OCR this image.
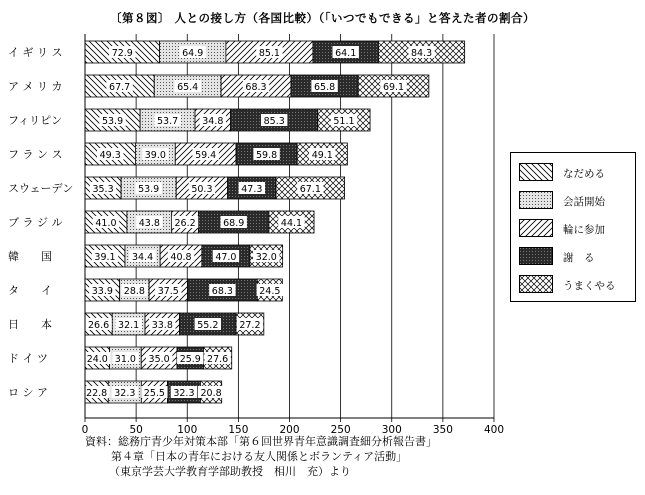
〔第８図〕 人との接し方（各国比較）（「いつでもできる」と答えた者の割合）
イ ギ リ ス	72.9	64.9	85.1	64.1	84.3
ア メ リ カ	67.7	65.4	68.3	65.8	69.1
フィリピン	53.9	53.7	34.8	85.3	51.1
フ ラ ン ス	49.3	39.0	59.4	59.8	49.1
スウェーデン 35.3	53.9	50.3	47.3	67.1
ブ ラ ジ ル	41.0 43.8 26.2	68.9	44.1
韓　　国	39.1 34.4 40.8 47.0 32.0
タ　　イ	33.9 28.8 37.5	68.3	24.5
日　　本	26.6 32.1 33.8	55.2 27.2
ド イ ツ	24.0 31.0 35.0 25.9 27.6
ロ シ ア	22.8 32.3 25.5 32.3 20.8
0	50	100	150	200	250	300	350	400
なだめる
会話開始
輪に参加
謝　る
うまくやる
資料：総務庁青少年対策本部「第６回世界青年意識調査細分析報告書」
第４章「日本の青年における友人関係とボランティア活動」
（東京学芸大学教育学部助教授　相川　充）より
